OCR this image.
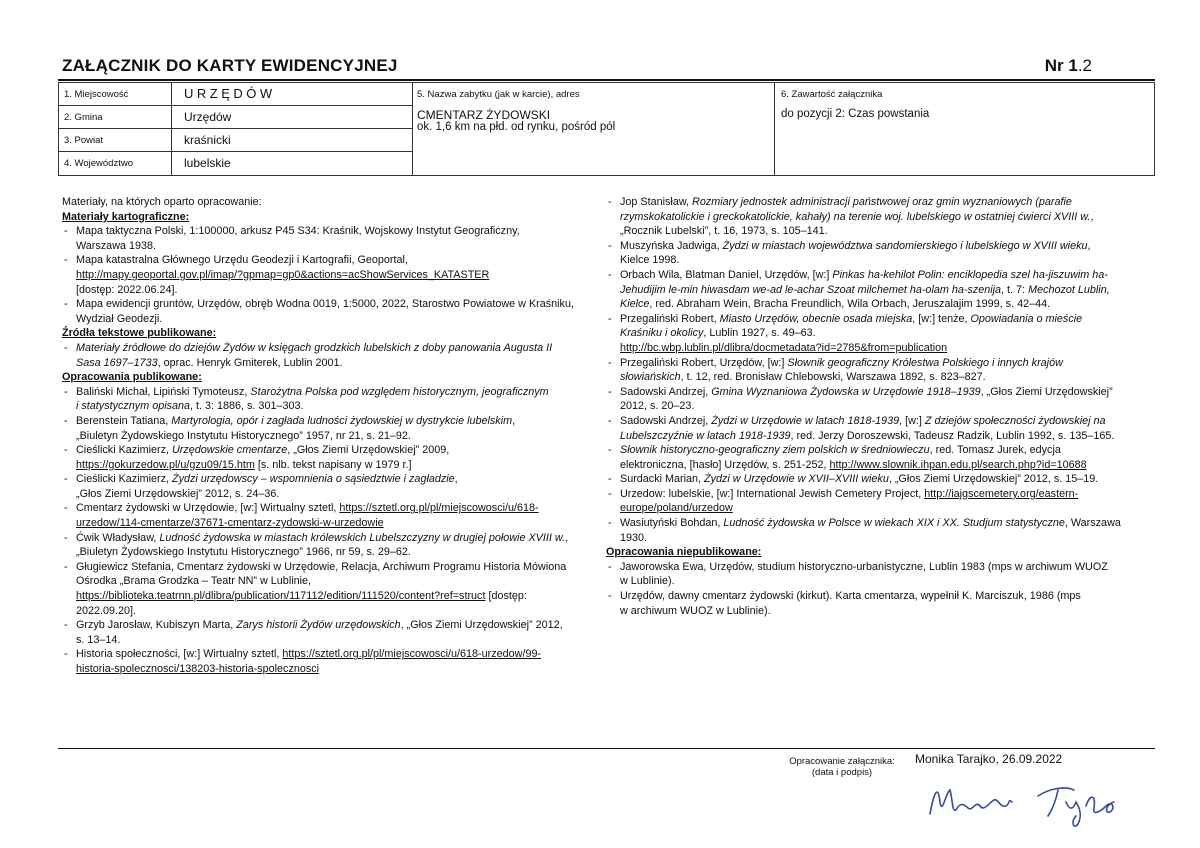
ZAŁĄCZNIK DO KARTY EWIDENCYJNEJ	Nr 1.2
1. Miejscowość	URZĘDÓW
2. Gmina	Urzędów
3. Powiat	kraśnicki
4. Województwo	lubelskie
5. Nazwa zabytku (jak w karcie), adres
CMENTARZ ŻYDOWSKI
ok. 1,6 km na płd. od rynku, pośród pól
6. Zawartość załącznika
do pozycji 2: Czas powstania

Materiały, na których oparto opracowanie:

Materiały kartograficzne:

- Mapa taktyczna Polski, 1:100000, arkusz P45 S34: Kraśnik, Wojskowy Instytut Geograficzny,
Warszawa 1938.
- Mapa katastralna Głównego Urzędu Geodezji i Kartografii, Geoportal,
http://mapy.geoportal.gov.pl/imap/?gpmap=gp0&actions=acShowServices_KATASTER
[dostęp: 2022.06.24].
- Mapa ewidencji gruntów, Urzędów, obręb Wodna 0019, 1:5000, 2022, Starostwo Powiatowe w Kraśniku,
Wydział Geodezji.

Źródła tekstowe publikowane:

- Materiały źródłowe do dziejów Żydów w księgach grodzkich lubelskich z doby panowania Augusta II
Sasa 1697–1733, oprac. Henryk Gmiterek, Lublin 2001.

Opracowania publikowane:

- Baliński Michał, Lipiński Tymoteusz, Starożytna Polska pod względem historycznym, jeograficznym
i statystycznym opisana, t. 3: 1886, s. 301–303.
- Berenstein Tatiana, Martyrologia, opór i zagłada ludności żydowskiej w dystrykcie lubelskim,
„Biuletyn Żydowskiego Instytutu Historycznego” 1957, nr 21, s. 21–92.
- Cieślicki Kazimierz, Urzędowskie cmentarze, „Głos Ziemi Urzędowskiej” 2009,
https://gokurzedow.pl/u/gzu09/15.htm [s. nlb. tekst napisany w 1979 r.]
- Cieślicki Kazimierz, Żydzi urzędowscy – wspomnienia o sąsiedztwie i zagładzie,
„Głos Ziemi Urzędowskiej” 2012, s. 24–36.
- Cmentarz żydowski w Urzędowie, [w:] Wirtualny sztetl, https://sztetl.org.pl/pl/miejscowosci/u/618-
urzedow/114-cmentarze/37671-cmentarz-zydowski-w-urzedowie
- Ćwik Władysław, Ludność żydowska w miastach królewskich Lubelszczyzny w drugiej połowie XVIII w.,
„Biuletyn Żydowskiego Instytutu Historycznego” 1966, nr 59, s. 29–62.
- Gługiewicz Stefania, Cmentarz żydowski w Urzędowie, Relacja, Archiwum Programu Historia Mówiona
Ośrodka „Brama Grodzka – Teatr NN” w Lublinie,
https://biblioteka.teatrnn.pl/dlibra/publication/117112/edition/111520/content?ref=struct [dostęp:
2022.09.20].
- Grzyb Jarosław, Kubiszyn Marta, Zarys historii Żydów urzędowskich, „Głos Ziemi Urzędowskiej” 2012,
s. 13–14.
- Historia społeczności, [w:] Wirtualny sztetl, https://sztetl.org.pl/pl/miejscowosci/u/618-urzedow/99-
historia-spolecznosci/138203-historia-spolecznosci
- Jop Stanisław, Rozmiary jednostek administracji państwowej oraz gmin wyznaniowych (parafie
rzymskokatolickie i greckokatolickie, kahały) na terenie woj. lubelskiego w ostatniej ćwierci XVIII w.,
„Rocznik Lubelski”, t. 16, 1973, s. 105–141.
- Muszyńska Jadwiga, Żydzi w miastach województwa sandomierskiego i lubelskiego w XVIII wieku,
Kielce 1998.
- Orbach Wila, Blatman Daniel, Urzędów, [w:] Pinkas ha-kehilot Polin: enciklopedia szel ha-jiszuwim ha-
Jehudijim le-min hiwasdam we-ad le-achar Szoat milchemet ha-olam ha-szenija, t. 7: Mechozot Lublin,
Kielce, red. Abraham Wein, Bracha Freundlich, Wila Orbach, Jeruszalajim 1999, s. 42–44.
- Przegaliński Robert, Miasto Urzędów, obecnie osada miejska, [w:] tenże, Opowiadania o mieście
Kraśniku i okolicy, Lublin 1927, s. 49–63.
http://bc.wbp.lublin.pl/dlibra/docmetadata?id=2785&from=publication
- Przegaliński Robert, Urzędów, [w:] Słownik geograficzny Królestwa Polskiego i innych krajów
słowiańskich, t. 12, red. Bronisław Chlebowski, Warszawa 1892, s. 823–827.
- Sadowski Andrzej, Gmina Wyznaniowa Żydowska w Urzędowie 1918–1939, „Głos Ziemi Urzędowskiej”
2012, s. 20–23.
- Sadowski Andrzej, Żydzi w Urzędowie w latach 1818-1939, [w:] Z dziejów społeczności żydowskiej na
Lubelszczyźnie w latach 1918-1939, red. Jerzy Doroszewski, Tadeusz Radzik, Lublin 1992, s. 135–165.
- Słownik historyczno-geograficzny ziem polskich w średniowieczu, red. Tomasz Jurek, edycja
elektroniczna, [hasło] Urzędów, s. 251-252, http://www.slownik.ihpan.edu.pl/search.php?id=10688
- Surdacki Marian, Żydzi w Urzędowie w XVII–XVIII wieku, „Głos Ziemi Urzędowskiej” 2012, s. 15–19.
- Urzedow: lubelskie, [w:] International Jewish Cemetery Project, http://iajgscemetery.org/eastern-
europe/poland/urzedow
- Wasiutyński Bohdan, Ludność żydowska w Polsce w wiekach XIX i XX. Studjum statystyczne, Warszawa
1930.

Opracowania niepublikowane:

- Jaworowska Ewa, Urzędów, studium historyczno-urbanistyczne, Lublin 1983 (mps w archiwum WUOZ
w Lublinie).
- Urzędów, dawny cmentarz żydowski (kirkut). Karta cmentarza, wypełnił K. Marciszuk, 1986 (mps
w archiwum WUOZ w Lublinie).
Opracowanie załącznika:
(data i podpis)
Monika Tarajko, 26.09.2022
